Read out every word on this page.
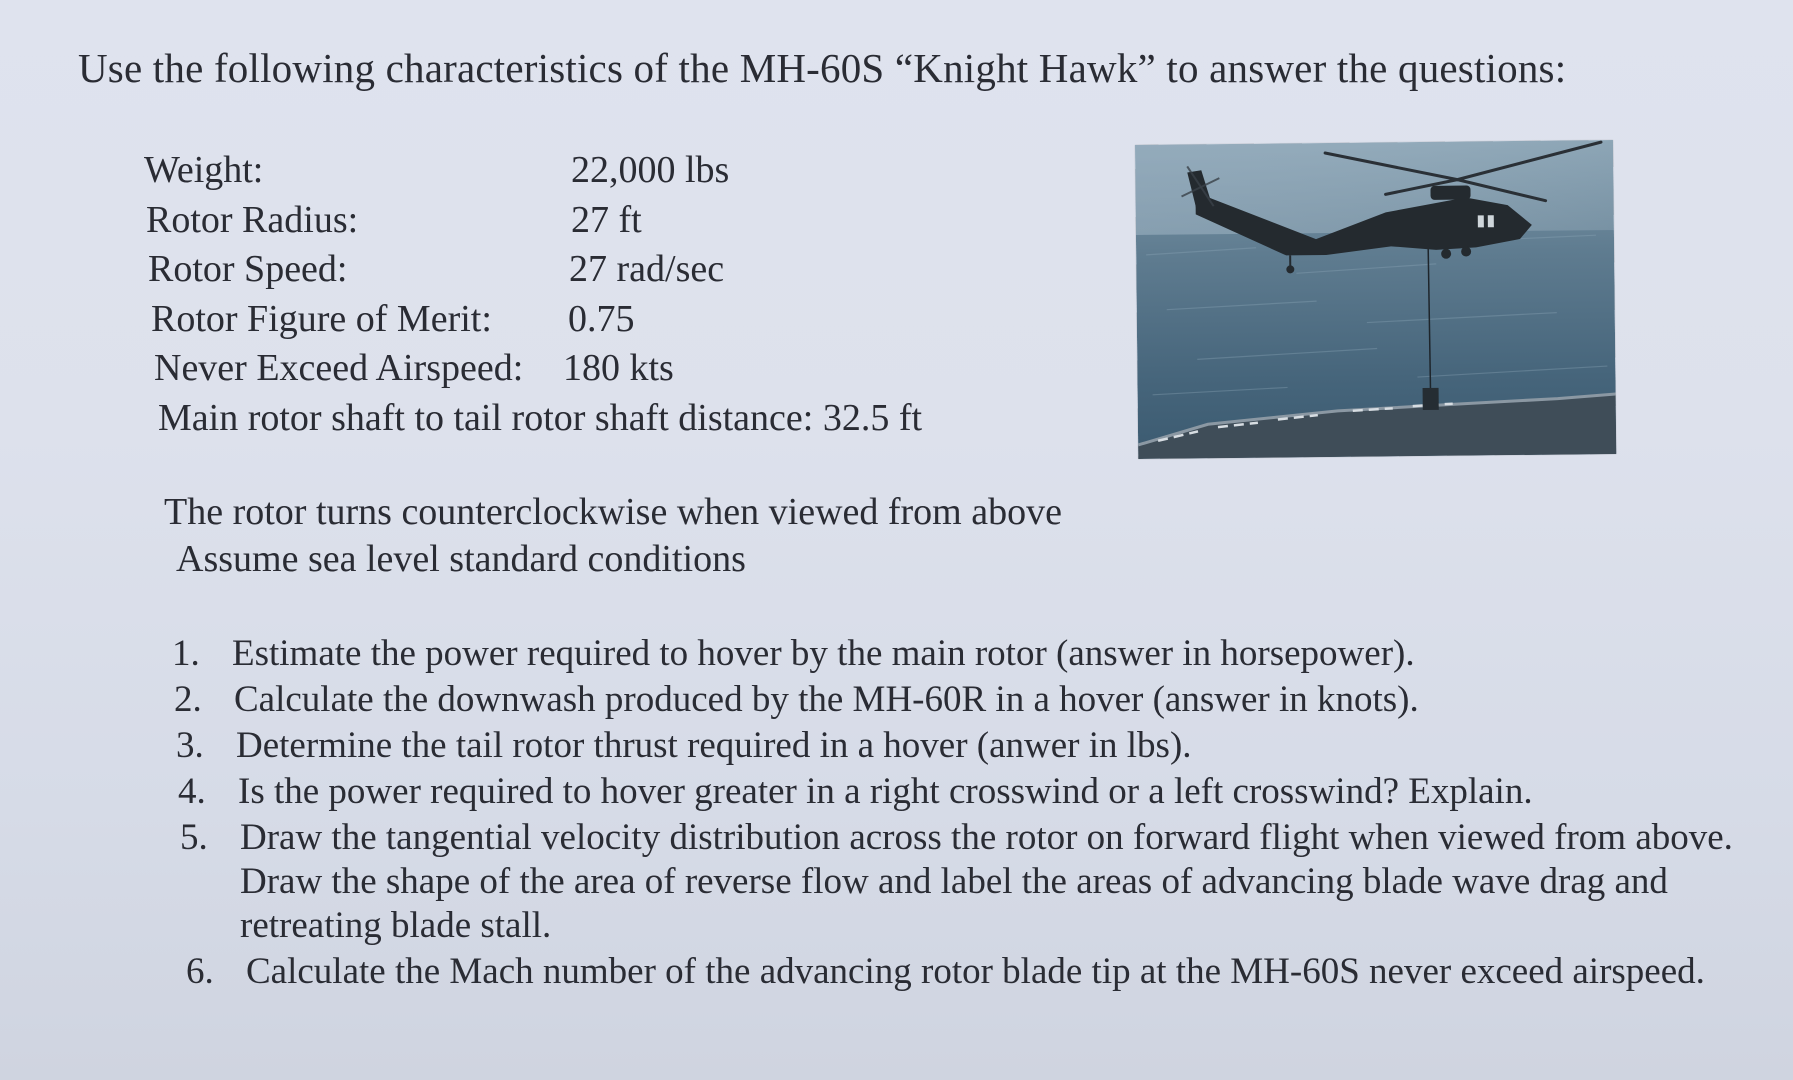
Use the following characteristics of the MH-60S “Knight Hawk” to answer the questions:
Weight:	22,000 lbs
Rotor Radius:	27 ft
Rotor Speed:	27 rad/sec
Rotor Figure of Merit: 0.75
Never Exceed Airspeed: 180 kts
Main rotor shaft to tail rotor shaft distance: 32.5 ft
The rotor turns counterclockwise when viewed from above
Assume sea level standard conditions
1. Estimate the power required to hover by the main rotor (answer in horsepower).
2. Calculate the downwash produced by the MH-60R in a hover (answer in knots).
3. Determine the tail rotor thrust required in a hover (anwer in lbs).
4. Is the power required to hover greater in a right crosswind or a left crosswind? Explain.
5. Draw the tangential velocity distribution across the rotor on forward flight when viewed from above. Draw the shape of the area of reverse flow and label the areas of advancing blade wave drag and retreating blade stall.
6. Calculate the Mach number of the advancing rotor blade tip at the MH-60S never exceed airspeed.
